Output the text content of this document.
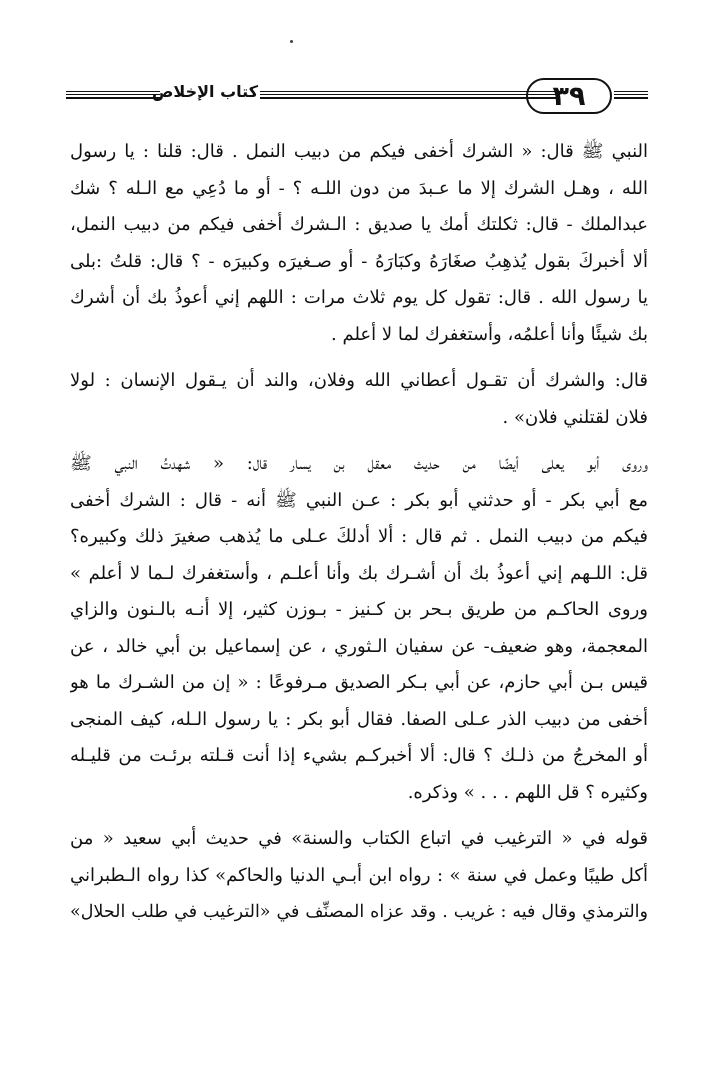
٣٩
كتاب الإخلاص
النبي ﷺ قال: « الشرك أخفى فيكم من دبيب النمل . قال: قلنا : يا رسول
الله ، وهـل الشرك إلا ما عـبدَ من دون اللـه ؟ - أو ما دُعِي مع الـله ؟ شك
عبدالملك - قال: ثكلتك أمك يا صديق : الـشرك أخفى فيكم من دبيب النمل،
ألا أخبركَ بقول يُذهِبُ صغَارَهُ وكبَارَهُ - أو صـغيرَه وكبيرَه - ؟ قال: قلتُ :بلى
يا رسول الله . قال: تقول كل يوم ثلاث مرات : اللهم إني أعوذُ بك أن أشرك
بك شيئًا وأنا أعلمُه، وأستغفرك لما لا أعلم .
قال: والشرك أن تقـول أعطاني الله وفلان، والند أن يـقول الإنسان : لولا
فلان لقتلني فلان» .
وروى أبو يعلى أيضًا من حديث معقل بن يسار قال: « شهدتُ النبي ﷺ
مع أبي بكر - أو حدثني أبو بكر : عـن النبي ﷺ أنه - قال : الشرك أخفى
فيكم من دبيب النمل . ثم قال : ألا أدلكَ عـلى ما يُذهب صغيرَ ذلك وكبيره؟
قل: اللـهم إني أعوذُ بك أن أشـرك بك وأنا أعلـم ، وأستغفرك لـما لا أعلم »
وروى الحاكـم من طريق بـحر بن كـنيز - بـوزن كثير، إلا أنـه بالـنون والزاي
المعجمة، وهو ضعيف- عن سفيان الـثوري ، عن إسماعيل بن أبي خالد ، عن
قيس بـن أبي حازم، عن أبي بـكر الصديق مـرفوعًا : « إن من الشـرك ما هو
أخفى من دبيب الذر عـلى الصفا. فقال أبو بكر : يا رسول الـله، كيف المنجى
أو المخرجُ من ذلـك ؟ قال: ألا أخبركـم بشيء إذا أنت قـلته برئـت من قليـله
وكثيره ؟ قل اللهم . . . » وذكره.
قوله في « الترغيب في اتباع الكتاب والسنة» في حديث أبي سعيد « من
أكل طيبًا وعمل في سنة » : رواه ابن أبـي الدنيا والحاكم» كذا رواه الـطبراني
والترمذي وقال فيه : غريب . وقد عزاه المصنِّف في «الترغيب في طلب الحلال»
